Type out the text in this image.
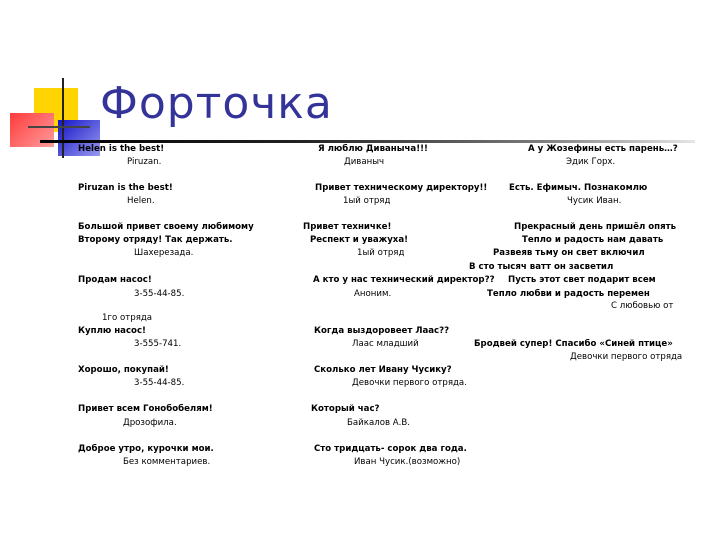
Форточка
Helen is the best!
Piruzan.
Piruzan is the best!
Helen.
Большой привет своему любимому
Второму отряду! Так держать.
Шахерезада.
Продам насос!
3-55-44-85.
1го отряда
Куплю насос!
3-555-741.
Хорошо, покупай!
3-55-44-85.
Привет всем Гонобобелям!
Дрозофила.
Доброе утро, курочки мои.
Без комментариев.
Я люблю Диваныча!!!
Диваныч
Привет техническому директору!!
1ый отряд
Привет техничке!
Респект и уважуха!
1ый отряд
А кто у нас технический директор??
Аноним.
Когда выздоровеет Лаас??
Лаас младший
Сколько лет Ивану Чусику?
Девочки первого отряда.
Который час?
Байкалов А.В.
Сто тридцать- сорок два года.
Иван Чусик.(возможно)
А у Жозефины есть парень…?
Эдик Горх.
Есть. Ефимыч. Познакомлю
Чусик Иван.
Прекрасный день пришёл опять
Тепло и радость нам давать
Развеяв тьму он свет включил
В сто тысяч ватт он засветил
Пусть этот свет подарит всем
Тепло любви и радость перемен
С любовью от
Бродвей супер! Спасибо «Синей птице»
Девочки первого отряда
